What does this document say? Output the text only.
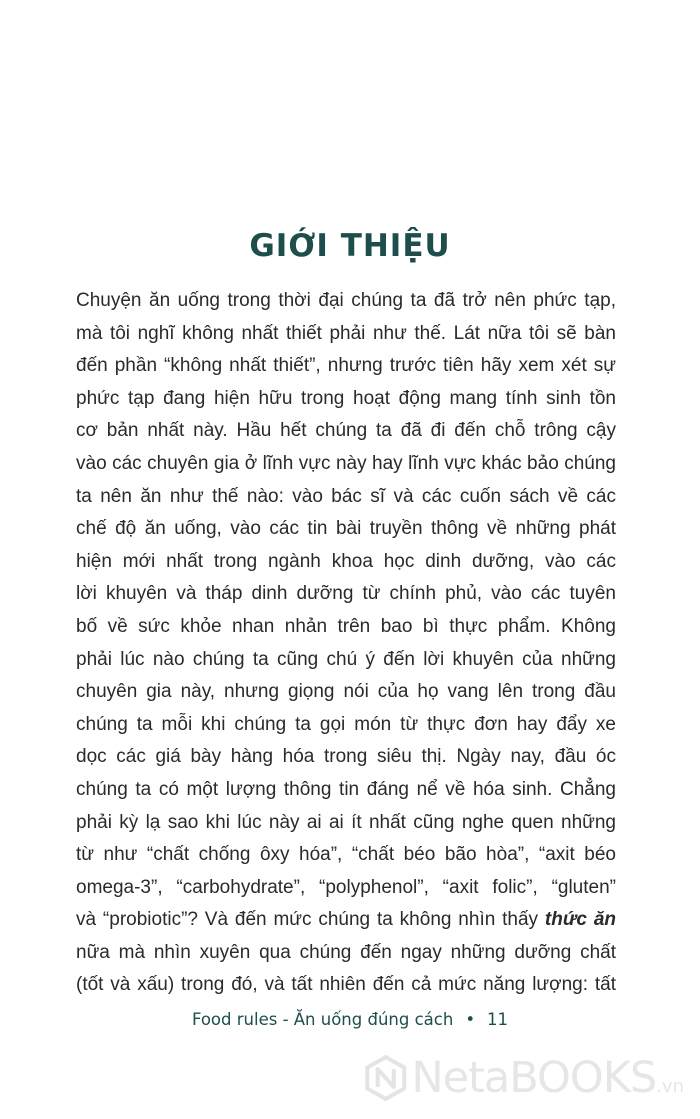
GIỚI THIỆU
Chuyện ăn uống trong thời đại chúng ta đã trở nên phức tạp,
mà tôi nghĩ không nhất thiết phải như thế. Lát nữa tôi sẽ bàn
đến phần “không nhất thiết”, nhưng trước tiên hãy xem xét sự
phức tạp đang hiện hữu trong hoạt động mang tính sinh tồn
cơ bản nhất này. Hầu hết chúng ta đã đi đến chỗ trông cậy
vào các chuyên gia ở lĩnh vực này hay lĩnh vực khác bảo chúng
ta nên ăn như thế nào: vào bác sĩ và các cuốn sách về các
chế độ ăn uống, vào các tin bài truyền thông về những phát
hiện mới nhất trong ngành khoa học dinh dưỡng, vào các
lời khuyên và tháp dinh dưỡng từ chính phủ, vào các tuyên
bố về sức khỏe nhan nhản trên bao bì thực phẩm. Không
phải lúc nào chúng ta cũng chú ý đến lời khuyên của những
chuyên gia này, nhưng giọng nói của họ vang lên trong đầu
chúng ta mỗi khi chúng ta gọi món từ thực đơn hay đẩy xe
dọc các giá bày hàng hóa trong siêu thị. Ngày nay, đầu óc
chúng ta có một lượng thông tin đáng nể về hóa sinh. Chẳng
phải kỳ lạ sao khi lúc này ai ai ít nhất cũng nghe quen những
từ như “chất chống ôxy hóa”, “chất béo bão hòa”, “axit béo
omega-3”, “carbohydrate”, “polyphenol”, “axit folic”, “gluten”
và “probiotic”? Và đến mức chúng ta không nhìn thấy thức ăn
nữa mà nhìn xuyên qua chúng đến ngay những dưỡng chất
(tốt và xấu) trong đó, và tất nhiên đến cả mức năng lượng: tất
Food rules - Ăn uống đúng cách • 11
NetaBOOKS.vn
